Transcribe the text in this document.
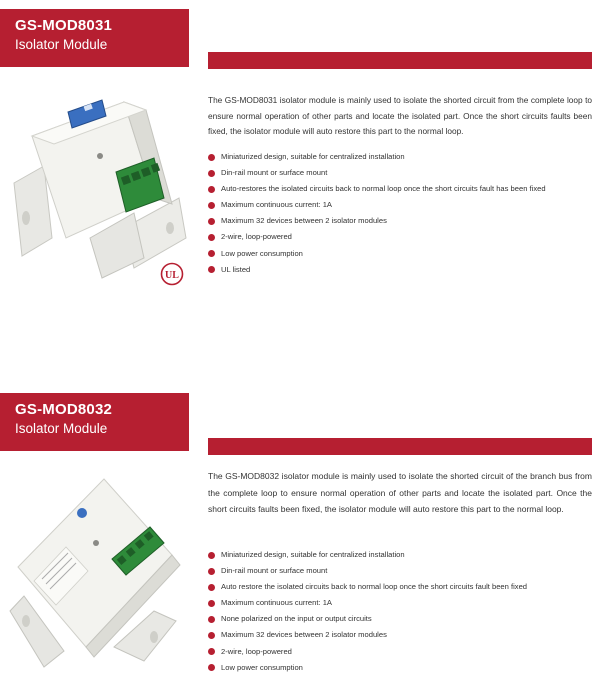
GS-MOD8031
Isolator Module
UL

The GS-MOD8031 isolator module is mainly used to isolate the shorted circuit from the complete loop to ensure normal operation of other parts and locate the isolated part. Once the short circuits faults been fixed, the isolator module will auto restore this part to the normal loop.

Miniaturized design, suitable for centralized installation
Din-rail mount or surface mount
Auto-restores the isolated circuits back to normal loop once the short circuits fault has been fixed
Maximum continuous current: 1A
Maximum 32 devices between 2 isolator modules
2-wire, loop-powered
Low power consumption
UL listed
GS-MOD8032
Isolator Module

The GS-MOD8032 isolator module is mainly used to isolate the shorted circuit of the branch bus from the complete loop to ensure normal operation of other parts and locate the isolated part. Once the short circuits faults been fixed, the isolator module will auto restore this part to the normal loop.

Miniaturized design, suitable for centralized installation
Din-rail mount or surface mount
Auto restore the isolated circuits back to normal loop once the short circuits fault been fixed
Maximum continuous current: 1A
None polarized on the input or output circuits
Maximum 32 devices between 2 isolator modules
2-wire, loop-powered
Low power consumption
